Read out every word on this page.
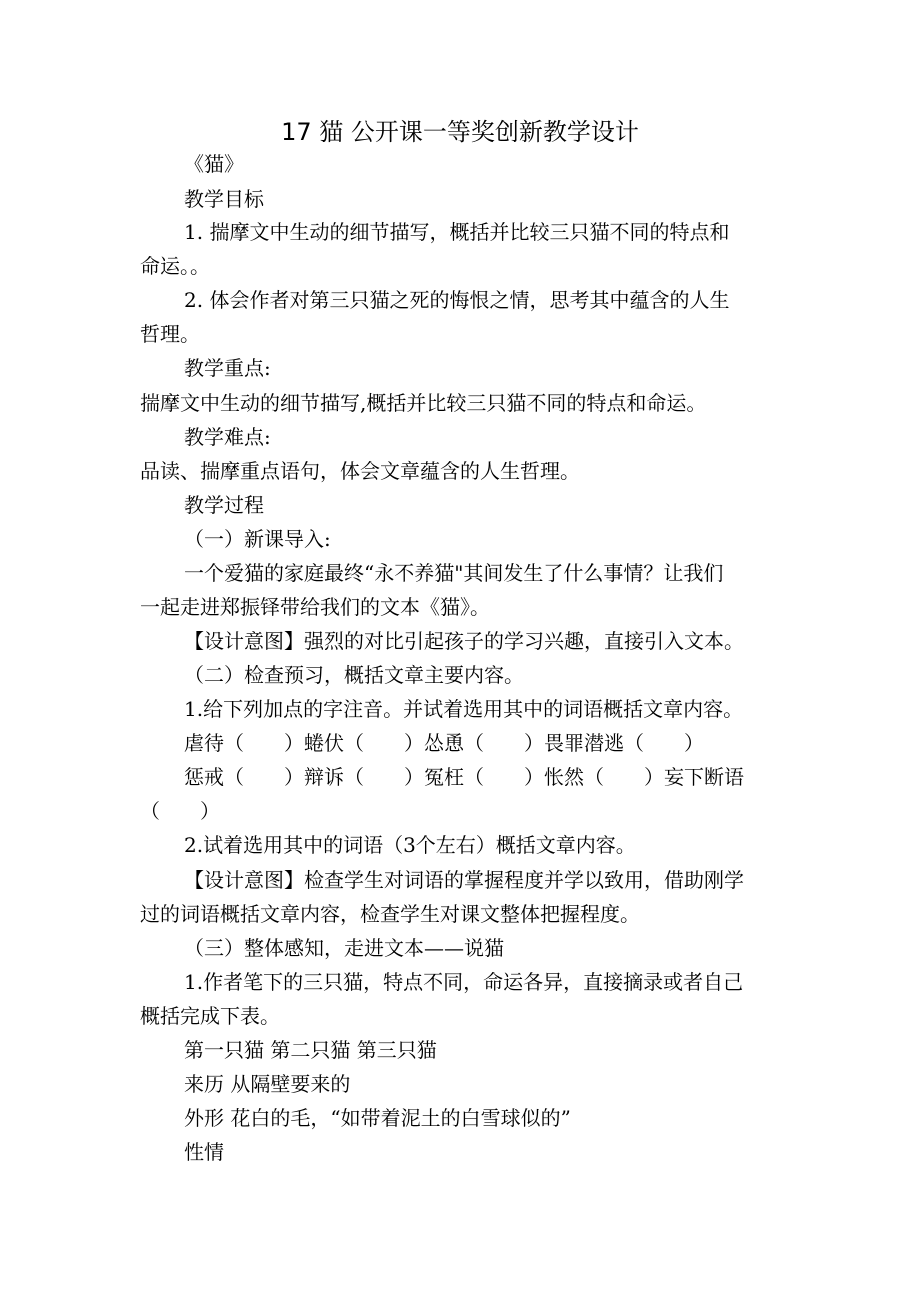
17 猫 公开课一等奖创新教学设计
《猫》
教学目标
1. 揣摩文中生动的细节描写，概括并比较三只猫不同的特点和
命运。。
2. 体会作者对第三只猫之死的悔恨之情，思考其中蕴含的人生
哲理。
教学重点:
揣摩文中生动的细节描写,概括并比较三只猫不同的特点和命运。
教学难点:
品读、揣摩重点语句，体会文章蕴含的人生哲理。
教学过程
（一）新课导入:
一个爱猫的家庭最终“永不养猫"其间发生了什么事情？让我们
一起走进郑振铎带给我们的文本《猫》。
【设计意图】强烈的对比引起孩子的学习兴趣，直接引入文本。
（二）检查预习，概括文章主要内容。
1.给下列加点的字注音。并试着选用其中的词语概括文章内容。
虐待（　　）蜷伏（　　）怂恿（　　）畏罪潜逃（　　）
惩戒（　　）辩诉（　　）冤枉（　　）怅然（　　）妄下断语
（　　）
2.试着选用其中的词语（3个左右）概括文章内容。
【设计意图】检查学生对词语的掌握程度并学以致用，借助刚学
过的词语概括文章内容，检查学生对课文整体把握程度。
（三）整体感知，走进文本——说猫
1.作者笔下的三只猫，特点不同，命运各异，直接摘录或者自己
概括完成下表。
第一只猫 第二只猫 第三只猫
来历 从隔壁要来的
外形 花白的毛，“如带着泥土的白雪球似的”
性情
